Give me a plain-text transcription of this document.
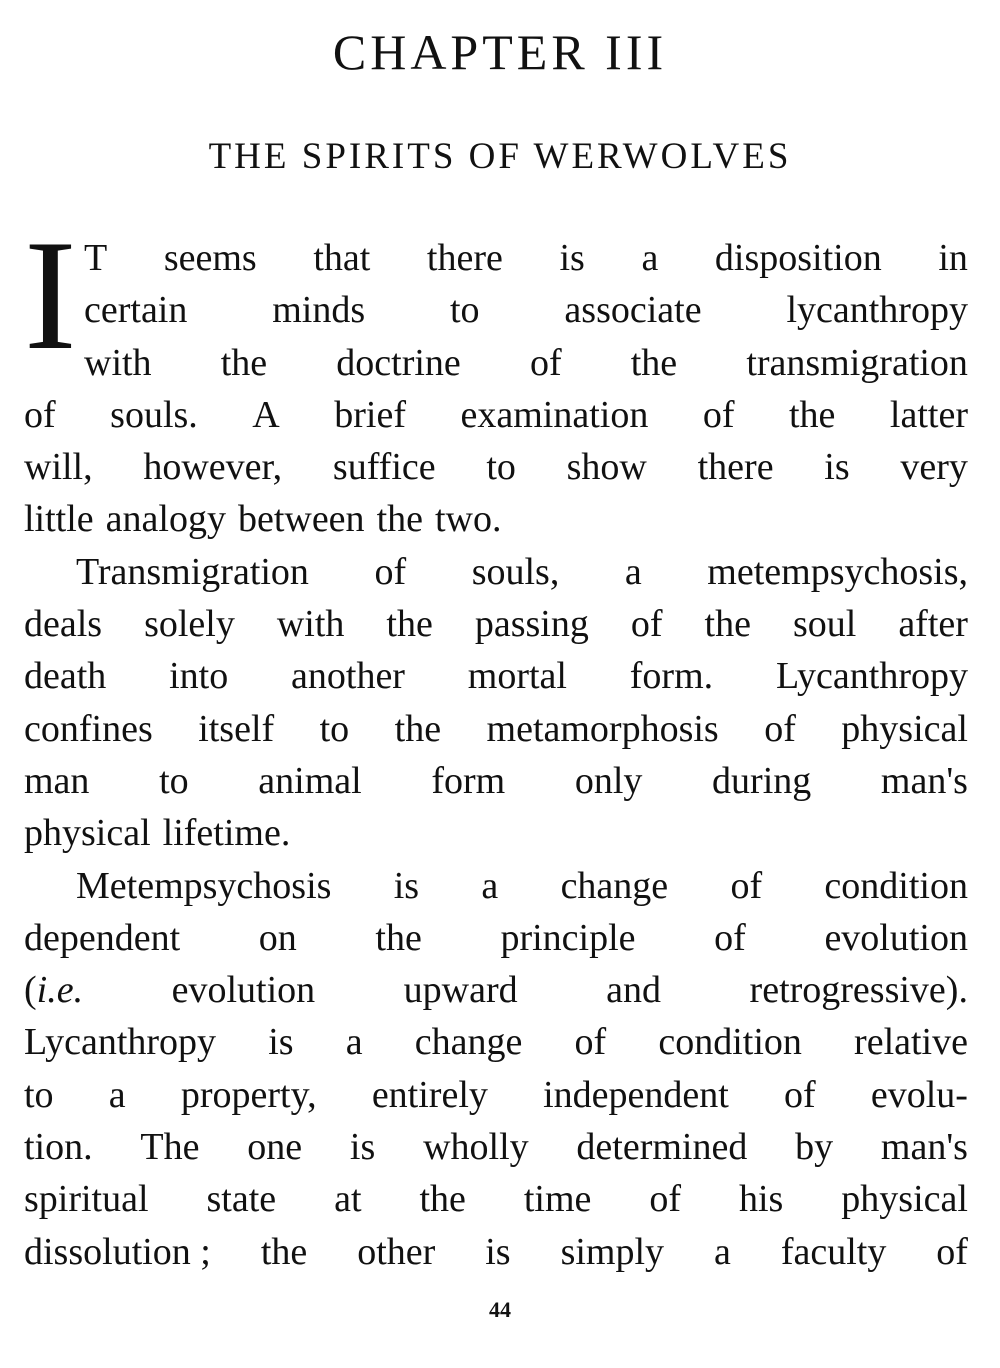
CHAPTER III
THE SPIRITS OF WERWOLVES
I T seems that there is a disposition in
certain minds to associate lycanthropy
with the doctrine of the transmigration
of souls. A brief examination of the latter
will, however, suffice to show there is very
little analogy between the two.
Transmigration of souls, a metempsychosis,
deals solely with the passing of the soul after
death into another mortal form. Lycanthropy
confines itself to the metamorphosis of physical
man to animal form only during man's
physical lifetime.
Metempsychosis is a change of condition
dependent on the principle of evolution
(i.e. evolution upward and retrogressive).
Lycanthropy is a change of condition relative
to a property, entirely independent of evolu-
tion. The one is wholly determined by man's
spiritual state at the time of his physical
dissolution ; the other is simply a faculty of
44
